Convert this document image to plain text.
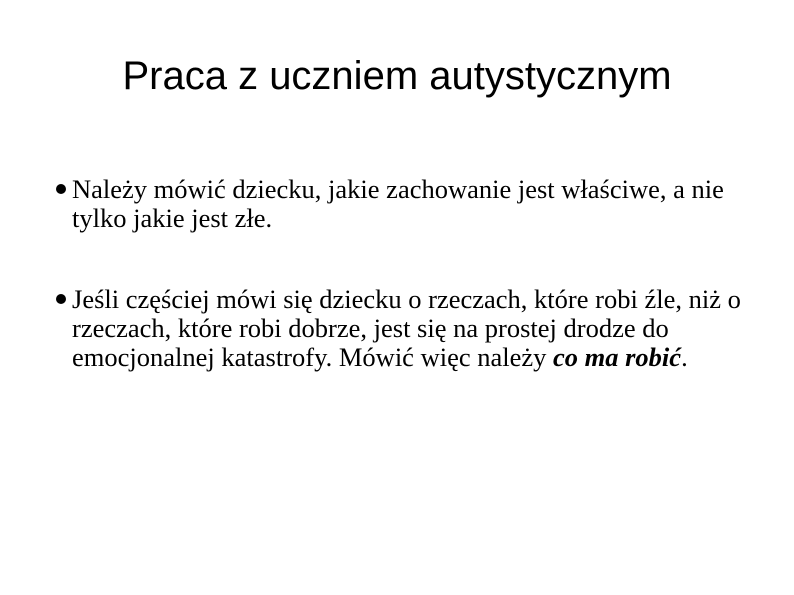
Praca z uczniem autystycznym
Należy mówić dziecku, jakie zachowanie jest właściwe, a nie tylko jakie jest złe.
Jeśli częściej mówi się dziecku o rzeczach, które robi źle, niż o rzeczach, które robi dobrze, jest się na prostej drodze do emocjonalnej katastrofy. Mówić więc należy co ma robić.
